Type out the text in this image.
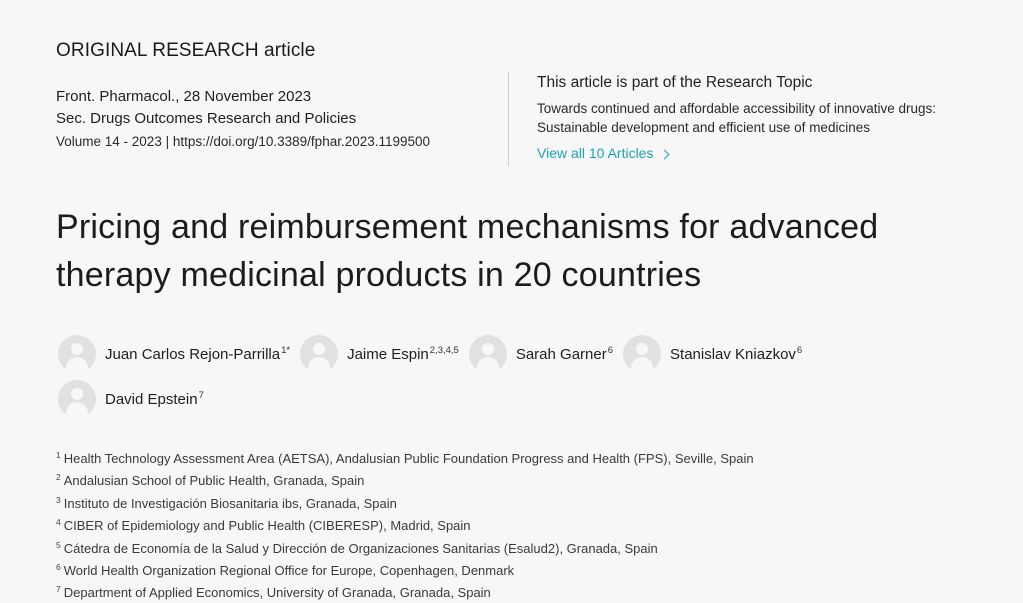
ORIGINAL RESEARCH article
Front. Pharmacol., 28 November 2023
Sec. Drugs Outcomes Research and Policies
Volume 14 - 2023 | https://doi.org/10.3389/fphar.2023.1199500
This article is part of the Research Topic
Towards continued and affordable accessibility of innovative drugs:
Sustainable development and efficient use of medicines
View all 10 Articles
Pricing and reimbursement mechanisms for advanced
therapy medicinal products in 20 countries
Juan Carlos Rejon-Parrilla$^{1*}$	Jaime Espin$^{2,3,4,5}$	Sarah Garner$^6$	Stanislav Kniazkov$^6$
David Epstein$^7$
$^1$ Health Technology Assessment Area (AETSA), Andalusian Public Foundation Progress and Health (FPS), Seville, Spain
$^2$ Andalusian School of Public Health, Granada, Spain
$^3$ Instituto de Investigación Biosanitaria ibs, Granada, Spain
$^4$ CIBER of Epidemiology and Public Health (CIBERESP), Madrid, Spain
$^5$ Cátedra de Economía de la Salud y Dirección de Organizaciones Sanitarias (Esalud2), Granada, Spain
$^6$ World Health Organization Regional Office for Europe, Copenhagen, Denmark
$^7$ Department of Applied Economics, University of Granada, Granada, Spain
